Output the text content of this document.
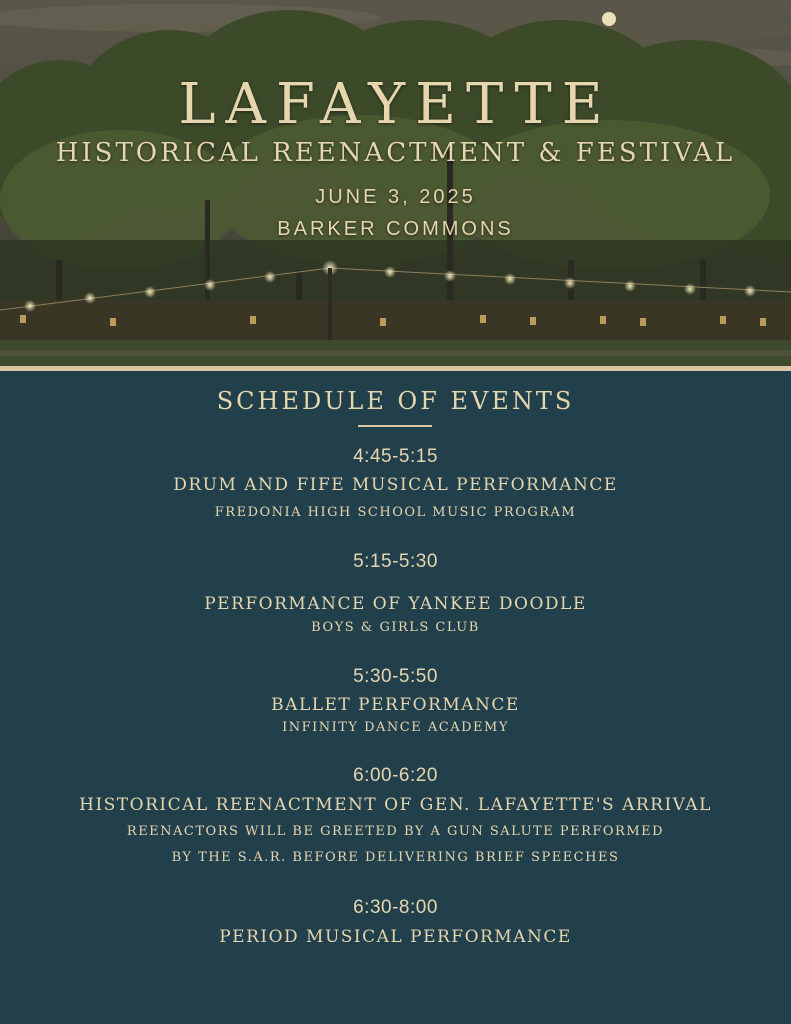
LAFAYETTE
HISTORICAL REENACTMENT & FESTIVAL
JUNE 3, 2025
BARKER COMMONS
SCHEDULE OF EVENTS
4:45-5:15
DRUM AND FIFE MUSICAL PERFORMANCE
FREDONIA HIGH SCHOOL MUSIC PROGRAM
5:15-5:30
PERFORMANCE OF YANKEE DOODLE
BOYS & GIRLS CLUB
5:30-5:50
BALLET PERFORMANCE
INFINITY DANCE ACADEMY
6:00-6:20
HISTORICAL REENACTMENT OF GEN. LAFAYETTE'S ARRIVAL
REENACTORS WILL BE GREETED BY A GUN SALUTE PERFORMED
BY THE S.A.R. BEFORE DELIVERING BRIEF SPEECHES
6:30-8:00
PERIOD MUSICAL PERFORMANCE
